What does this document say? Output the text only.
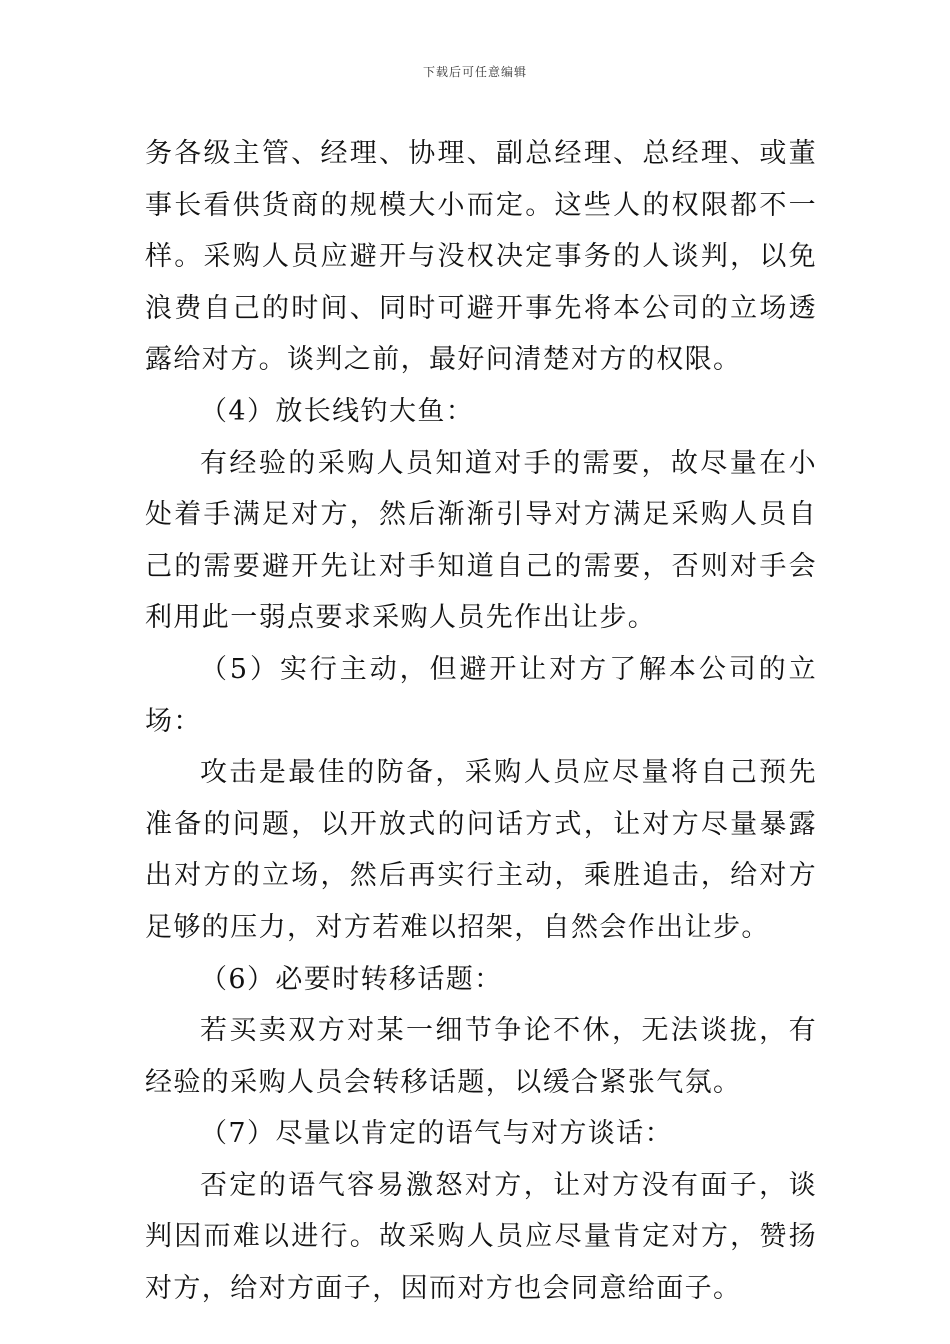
下载后可任意编辑

务各级主管、经理、协理、副总经理、总经理、或董事长看供货商的规模大小而定。这些人的权限都不一样。采购人员应避开与没权决定事务的人谈判，以免浪费自己的时间、同时可避开事先将本公司的立场透露给对方。谈判之前，最好问清楚对方的权限。

（4）放长线钓大鱼：

有经验的采购人员知道对手的需要，故尽量在小处着手满足对方，然后渐渐引导对方满足采购人员自己的需要避开先让对手知道自己的需要，否则对手会利用此一弱点要求采购人员先作出让步。

（5）实行主动，但避开让对方了解本公司的立场：

攻击是最佳的防备，采购人员应尽量将自己预先准备的问题，以开放式的问话方式，让对方尽量暴露出对方的立场，然后再实行主动，乘胜追击，给对方足够的压力，对方若难以招架，自然会作出让步。

（6）必要时转移话题：

若买卖双方对某一细节争论不休，无法谈拢，有经验的采购人员会转移话题，以缓合紧张气氛。

（7）尽量以肯定的语气与对方谈话：

否定的语气容易激怒对方，让对方没有面子，谈判因而难以进行。故采购人员应尽量肯定对方，赞扬对方，给对方面子，因而对方也会同意给面子。
